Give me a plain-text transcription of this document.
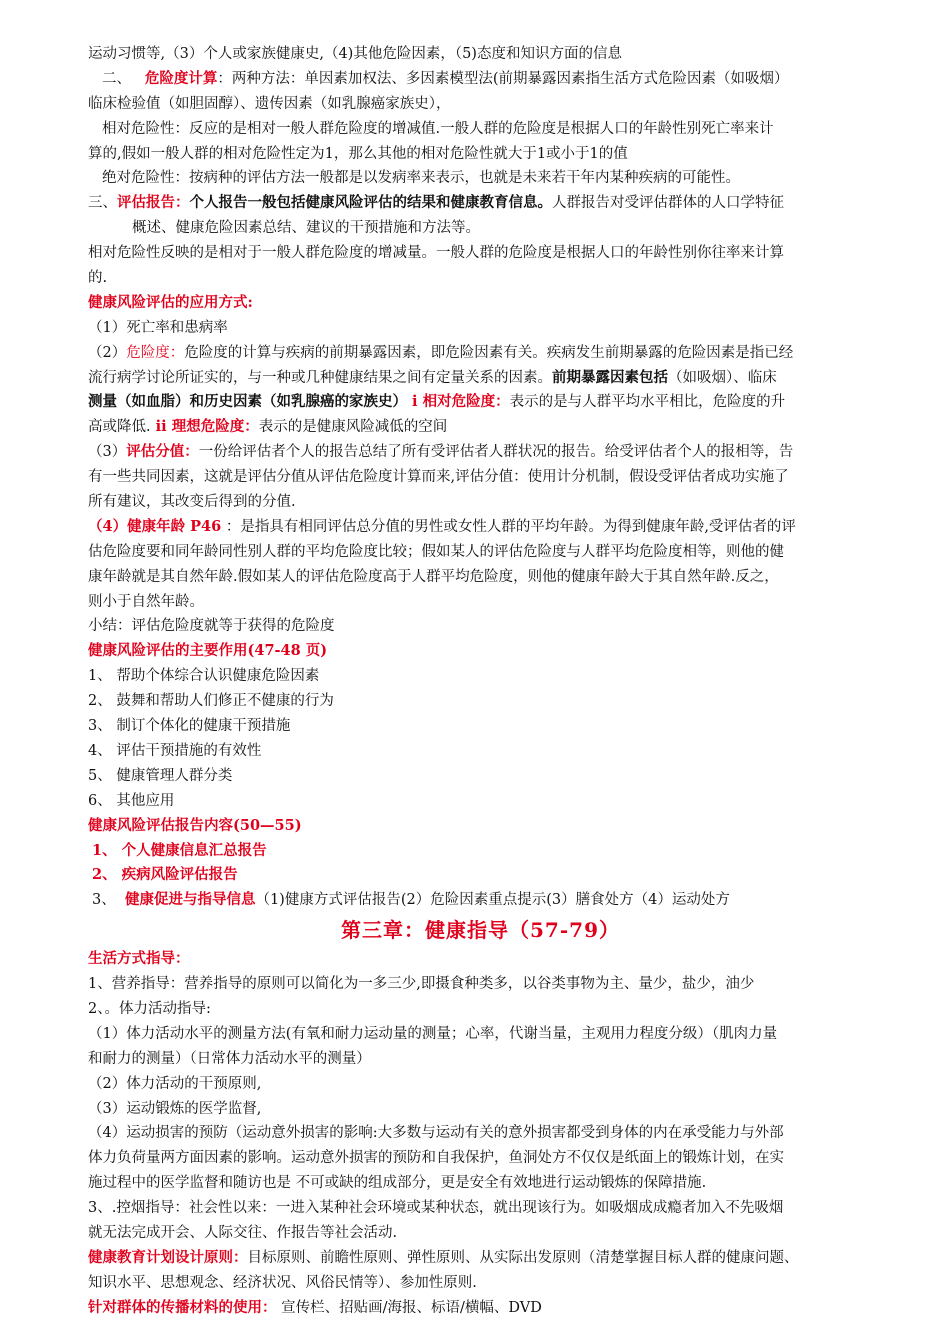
运动习惯等,（3）个人或家族健康史,（4)其他危险因素，（5)态度和知识方面的信息
二、 危险度计算：两种方法：单因素加权法、多因素模型法(前期暴露因素指生活方式危险因素（如吸烟）
临床检验值（如胆固醇）、遗传因素（如乳腺癌家族史），
相对危险性：反应的是相对一般人群危险度的增减值.一般人群的危险度是根据人口的年龄性别死亡率来计
算的,假如一般人群的相对危险性定为1，那么其他的相对危险性就大于1或小于1的值
绝对危险性：按病种的评估方法一般都是以发病率来表示，也就是未来若干年内某种疾病的可能性。
三、评估报告：个人报告一般包括健康风险评估的结果和健康教育信息。人群报告对受评估群体的人口学特征
概述、健康危险因素总结、建议的干预措施和方法等。
相对危险性反映的是相对于一般人群危险度的增减量。一般人群的危险度是根据人口的年龄性别你往率来计算
的.
健康风险评估的应用方式:
（1）死亡率和患病率
（2）危险度：危险度的计算与疾病的前期暴露因素，即危险因素有关。疾病发生前期暴露的危险因素是指已经
流行病学讨论所证实的，与一种或几种健康结果之间有定量关系的因素。前期暴露因素包括（如吸烟）、临床
测量（如血脂）和历史因素（如乳腺癌的家族史） i 相对危险度：表示的是与人群平均水平相比，危险度的升
高或降低. ii 理想危险度：表示的是健康风险减低的空间
（3）评估分值：一份给评估者个人的报告总结了所有受评估者人群状况的报告。给受评估者个人的报相等，告
有一些共同因素，这就是评估分值从评估危险度计算而来,评估分值：使用计分机制，假设受评估者成功实施了
所有建议，其改变后得到的分值.
（4）健康年龄 P46 ：是指具有相同评估总分值的男性或女性人群的平均年龄。为得到健康年龄,受评估者的评
估危险度要和同年龄同性别人群的平均危险度比较；假如某人的评估危险度与人群平均危险度相等，则他的健
康年龄就是其自然年龄.假如某人的评估危险度高于人群平均危险度，则他的健康年龄大于其自然年龄.反之，
则小于自然年龄。
小结：评估危险度就等于获得的危险度
健康风险评估的主要作用(47-48 页)
1、 帮助个体综合认识健康危险因素
2、 鼓舞和帮助人们修正不健康的行为
3、 制订个体化的健康干预措施
4、 评估干预措施的有效性
5、 健康管理人群分类
6、 其他应用
健康风险评估报告内容(50—55)
1、 个人健康信息汇总报告
2、 疾病风险评估报告
3、 健康促进与指导信息（1)健康方式评估报告(2）危险因素重点提示(3）膳食处方（4）运动处方
第三章：健康指导（57-79）
生活方式指导：
1、营养指导：营养指导的原则可以简化为一多三少,即摄食种类多，以谷类事物为主、量少，盐少，油少
2、。体力活动指导:
（1）体力活动水平的测量方法(有氧和耐力运动量的测量；心率，代谢当量，主观用力程度分级）（肌肉力量
和耐力的测量）（日常体力活动水平的测量）
（2）体力活动的干预原则,
（3）运动锻炼的医学监督,
（4）运动损害的预防（运动意外损害的影响:大多数与运动有关的意外损害都受到身体的内在承受能力与外部
体力负荷量两方面因素的影响。运动意外损害的预防和自我保护，鱼洞处方不仅仅是纸面上的锻炼计划，在实
施过程中的医学监督和随访也是 不可或缺的组成部分，更是安全有效地进行运动锻炼的保障措施.
3、.控烟指导：社会性以来：一进入某种社会环境或某种状态，就出现该行为。如吸烟成成瘾者加入不先吸烟
就无法完成开会、人际交往、作报告等社会活动.
健康教育计划设计原则：目标原则、前瞻性原则、弹性原则、从实际出发原则（清楚掌握目标人群的健康问题、
知识水平、思想观念、经济状况、风俗民情等）、参加性原则.
针对群体的传播材料的使用： 宣传栏、招贴画/海报、标语/横幅、DVD
